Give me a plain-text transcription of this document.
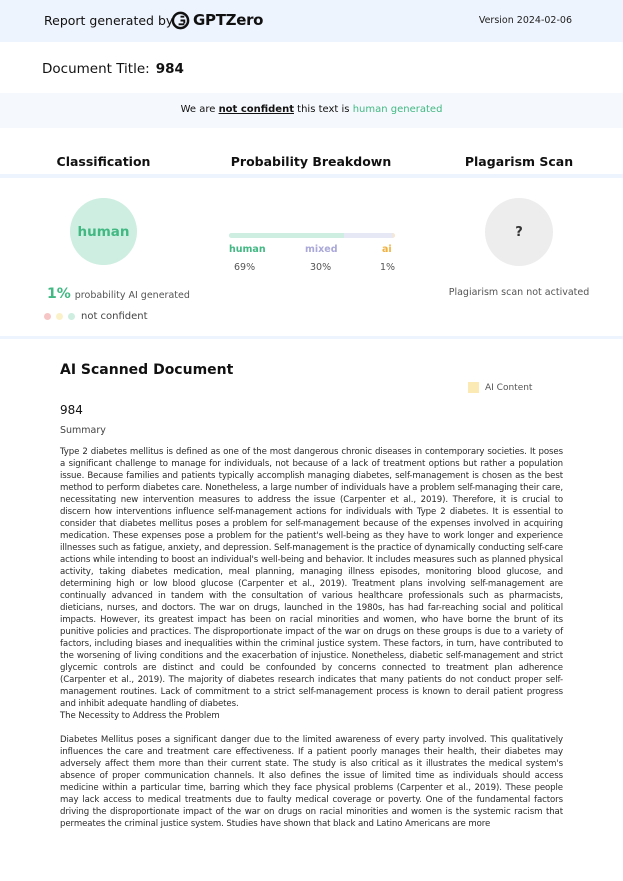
Report generated by GPTZero	Version 2024-02-06
Document Title: 984
We are not confident this text is human generated
Classification	Probability Breakdown	Plagarism Scan
human
1% probability AI generated
not confident
human	mixed	ai
69%	30%	1%
?
Plagiarism scan not activated
AI Scanned Document
AI Content
984
Summary
Type 2 diabetes mellitus is defined as one of the most dangerous chronic diseases in contemporary societies. It poses a significant challenge to manage for individuals, not because of a lack of treatment options but rather a population issue. Because families and patients typically accomplish managing diabetes, self-management is chosen as the best method to perform diabetes care. Nonetheless, a large number of individuals have a problem self-managing their care, necessitating new intervention measures to address the issue (Carpenter et al., 2019). Therefore, it is crucial to discern how interventions influence self-management actions for individuals with Type 2 diabetes. It is essential to consider that diabetes mellitus poses a problem for self-management because of the expenses involved in acquiring medication. These expenses pose a problem for the patient's well-being as they have to work longer and experience illnesses such as fatigue, anxiety, and depression. Self-management is the practice of dynamically conducting self-care actions while intending to boost an individual's well-being and behavior. It includes measures such as planned physical activity, taking diabetes medication, meal planning, managing illness episodes, monitoring blood glucose, and determining high or low blood glucose (Carpenter et al., 2019). Treatment plans involving self-management are continually advanced in tandem with the consultation of various healthcare professionals such as pharmacists, dieticians, nurses, and doctors. The war on drugs, launched in the 1980s, has had far-reaching social and political impacts. However, its greatest impact has been on racial minorities and women, who have borne the brunt of its punitive policies and practices. The disproportionate impact of the war on drugs on these groups is due to a variety of factors, including biases and inequalities within the criminal justice system. These factors, in turn, have contributed to the worsening of living conditions and the exacerbation of injustice. Nonetheless, diabetic self-management and strict glycemic controls are distinct and could be confounded by concerns connected to treatment plan adherence (Carpenter et al., 2019). The majority of diabetes research indicates that many patients do not conduct proper self-management routines. Lack of commitment to a strict self-management process is known to derail patient progress and inhibit adequate handling of diabetes.
The Necessity to Address the Problem
Diabetes Mellitus poses a significant danger due to the limited awareness of every party involved. This qualitatively influences the care and treatment care effectiveness. If a patient poorly manages their health, their diabetes may adversely affect them more than their current state. The study is also critical as it illustrates the medical system's absence of proper communication channels. It also defines the issue of limited time as individuals should access medicine within a particular time, barring which they face physical problems (Carpenter et al., 2019). These people may lack access to medical treatments due to faulty medical coverage or poverty. One of the fundamental factors driving the disproportionate impact of the war on drugs on racial minorities and women is the systemic racism that permeates the criminal justice system. Studies have shown that black and Latino Americans are more
